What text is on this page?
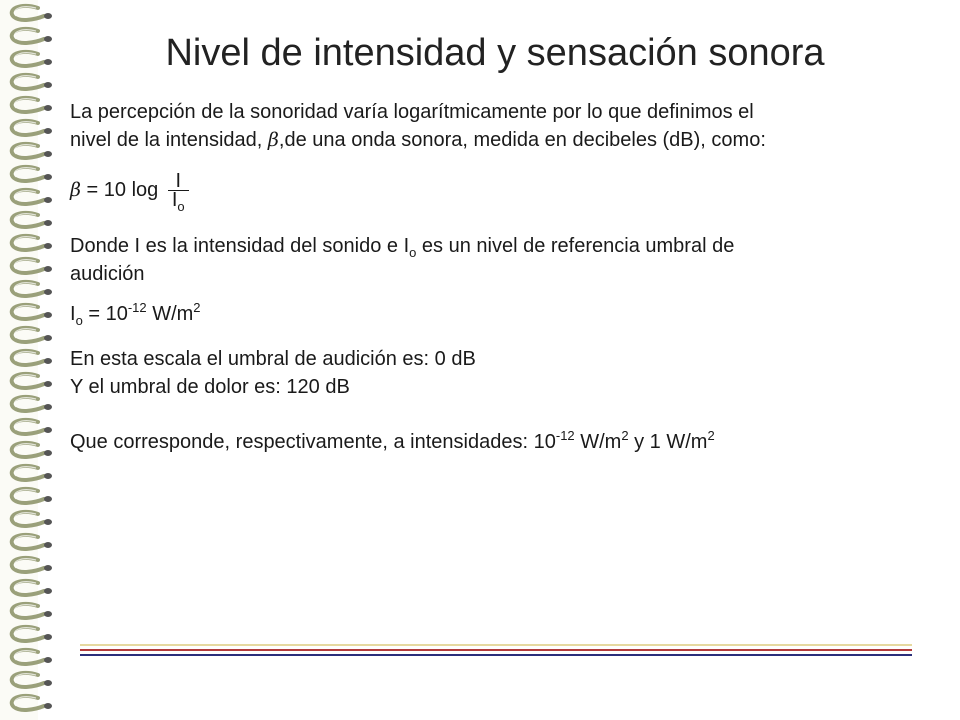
Nivel de intensidad y sensación sonora
La percepción de la sonoridad varía logarítmicamente por lo que definimos el
nivel de la intensidad, β,de una onda sonora, medida en decibeles (dB), como:
β = 10 $\log \frac{I}{I_o}$
Donde I es la intensidad del sonido e $I_o$ es un nivel de referencia umbral de
audición
$I_o = 10^{-12}$ $W/m^2$
En esta escala el umbral de audición es: 0 dB
Y el umbral de dolor es: 120 dB
Que corresponde, respectivamente, a intensidades: $10^{-12}$ $W/m^2$ y 1 $W/m^2$
